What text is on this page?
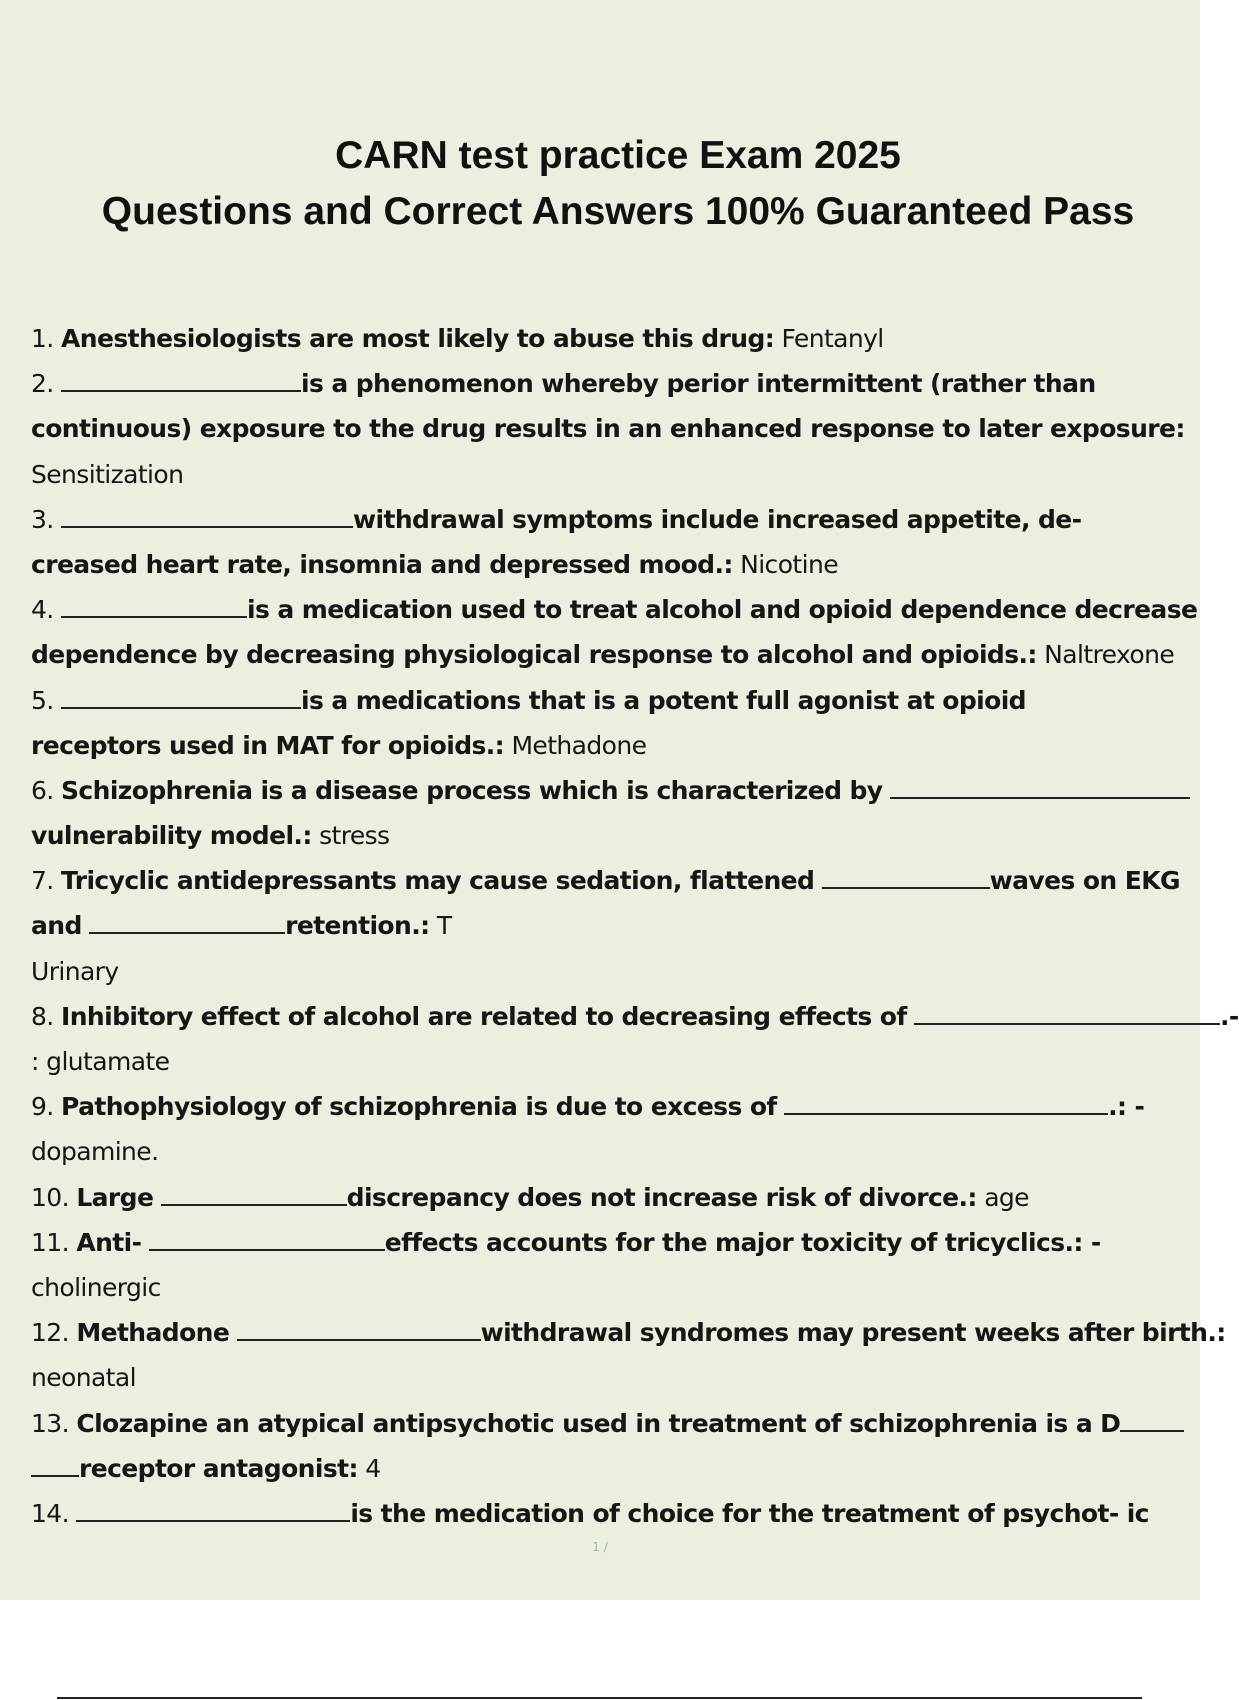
CARN test practice Exam 2025
Questions and Correct Answers 100% Guaranteed Pass
1. Anesthesiologists are most likely to abuse this drug: Fentanyl
2.	is a phenomenon whereby perior intermittent (rather than
continuous) exposure to the drug results in an enhanced response to later exposure:
Sensitization
3.	withdrawal symptoms include increased appetite, de-
creased heart rate, insomnia and depressed mood.: Nicotine
4.	is a medication used to treat alcohol and opioid dependence decrease
dependence by decreasing physiological response to alcohol and opioids.: Naltrexone
5.	is a medications that is a potent full agonist at opioid
receptors used in MAT for opioids.: Methadone
6. Schizophrenia is a disease process which is characterized by
vulnerability model.: stress
7. Tricyclic antidepressants may cause sedation, flattened	waves on EKG
and	retention.: T
Urinary
8. Inhibitory effect of alcohol are related to decreasing effects of	.-
: glutamate
9. Pathophysiology of schizophrenia is due to excess of	.: -
dopamine.
10. Large	discrepancy does not increase risk of divorce.: age
11. Anti-	effects accounts for the major toxicity of tricyclics.: -
cholinergic
12. Methadone	withdrawal syndromes may present weeks after birth.:
neonatal
13. Clozapine an atypical antipsychotic used in treatment of schizophrenia is a D
receptor antagonist: 4
14.	is the medication of choice for the treatment of psychot- ic
1 /
